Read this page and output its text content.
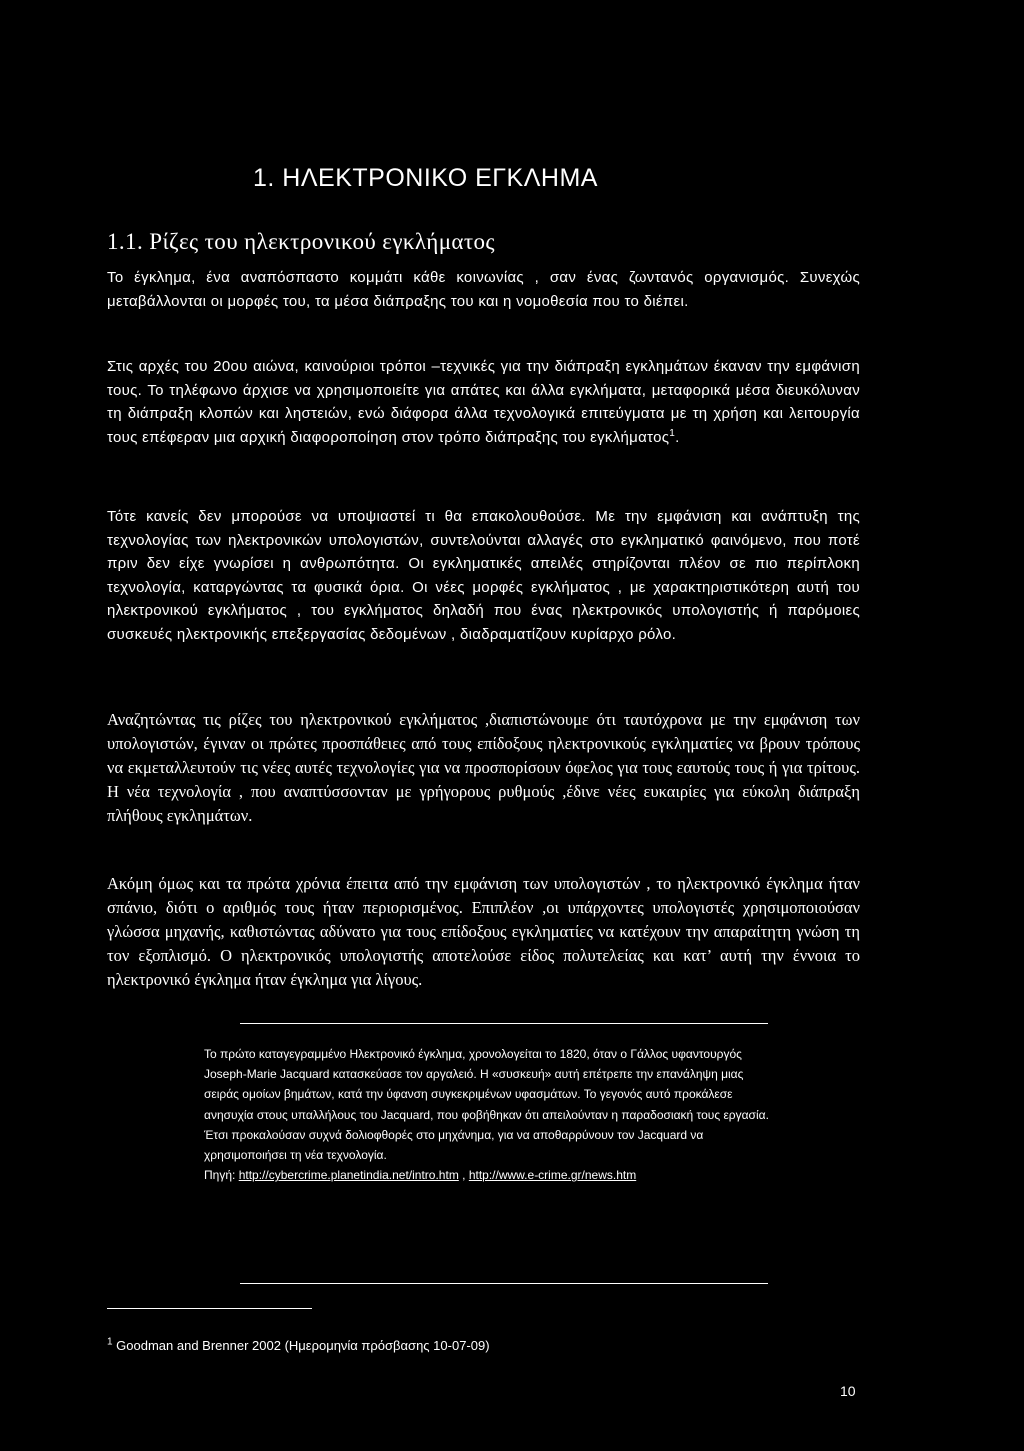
1. ΗΛΕΚΤΡΟΝΙΚΟ ΕΓΚΛΗΜΑ
1.1. Ρίζες του ηλεκτρονικού εγκλήματος

Το έγκλημα, ένα αναπόσπαστο κομμάτι κάθε κοινωνίας , σαν ένας ζωντανός οργανισμός. Συνεχώς μεταβάλλονται οι μορφές του, τα μέσα διάπραξης του και η νομοθεσία που το διέπει.

Στις αρχές του 20ου αιώνα, καινούριοι τρόποι –τεχνικές για την διάπραξη εγκλημάτων έκαναν την εμφάνιση τους. Το τηλέφωνο άρχισε να χρησιμοποιείτε για απάτες και άλλα εγκλήματα, μεταφορικά μέσα διευκόλυναν τη διάπραξη κλοπών και ληστειών, ενώ διάφορα άλλα τεχνολογικά επιτεύγματα με τη χρήση και λειτουργία τους επέφεραν μια αρχική διαφοροποίηση στον τρόπο διάπραξης του εγκλήματος$^1$.

Τότε κανείς δεν μπορούσε να υποψιαστεί τι θα επακολουθούσε. Με την εμφάνιση και ανάπτυξη της τεχνολογίας των ηλεκτρονικών υπολογιστών, συντελούνται αλλαγές στο εγκληματικό φαινόμενο, που ποτέ πριν δεν είχε γνωρίσει η ανθρωπότητα. Οι εγκληματικές απειλές στηρίζονται πλέον σε πιο περίπλοκη τεχνολογία, καταργώντας τα φυσικά όρια. Οι νέες μορφές εγκλήματος , με χαρακτηριστικότερη αυτή του ηλεκτρονικού εγκλήματος , του εγκλήματος δηλαδή που ένας ηλεκτρονικός υπολογιστής ή παρόμοιες συσκευές ηλεκτρονικής επεξεργασίας δεδομένων , διαδραματίζουν κυρίαρχο ρόλο.

Αναζητώντας τις ρίζες του ηλεκτρονικού εγκλήματος ,διαπιστώνουμε ότι ταυτόχρονα με την εμφάνιση των υπολογιστών, έγιναν οι πρώτες προσπάθειες από τους επίδοξους ηλεκτρονικούς εγκληματίες να βρουν τρόπους να εκμεταλλευτούν τις νέες αυτές τεχνολογίες για να προσπορίσουν όφελος για τους εαυτούς τους ή για τρίτους. Η νέα τεχνολογία , που αναπτύσσονταν με γρήγορους ρυθμούς ,έδινε νέες ευκαιρίες για εύκολη διάπραξη πλήθους εγκλημάτων.

Ακόμη όμως και τα πρώτα χρόνια έπειτα από την εμφάνιση των υπολογιστών , το ηλεκτρονικό έγκλημα ήταν σπάνιο, διότι ο αριθμός τους ήταν περιορισμένος. Επιπλέον ,οι υπάρχοντες υπολογιστές χρησιμοποιούσαν γλώσσα μηχανής, καθιστώντας αδύνατο για τους επίδοξους εγκληματίες να κατέχουν την απαραίτητη γνώση τη τον εξοπλισμό. Ο ηλεκτρονικός υπολογιστής αποτελούσε είδος πολυτελείας και κατ’ αυτή την έννοια το ηλεκτρονικό έγκλημα ήταν έγκλημα για λίγους.

Το πρώτο καταγεγραμμένο Ηλεκτρονικό έγκλημα, χρονολογείται το 1820, όταν ο Γάλλος υφαντουργός Joseph-Marie Jacquard κατασκεύασε τον αργαλειό. Η «συσκευή» αυτή επέτρεπε την επανάληψη μιας σειράς ομοίων βημάτων, κατά την ύφανση συγκεκριμένων υφασμάτων. Το γεγονός αυτό προκάλεσε ανησυχία στους υπαλλήλους του Jacquard, που φοβήθηκαν ότι απειλούνταν η παραδοσιακή τους εργασία. Έτσι προκαλούσαν συχνά δολιοφθορές στο μηχάνημα, για να αποθαρρύνουν τον Jacquard να χρησιμοποιήσει τη νέα τεχνολογία.
Πηγή: http://cybercrime.planetindia.net/intro.htm , http://www.e-crime.gr/news.htm

$^1$ Goodman and Brenner 2002 (Ημερομηνία πρόσβασης 10-07-09)

10
